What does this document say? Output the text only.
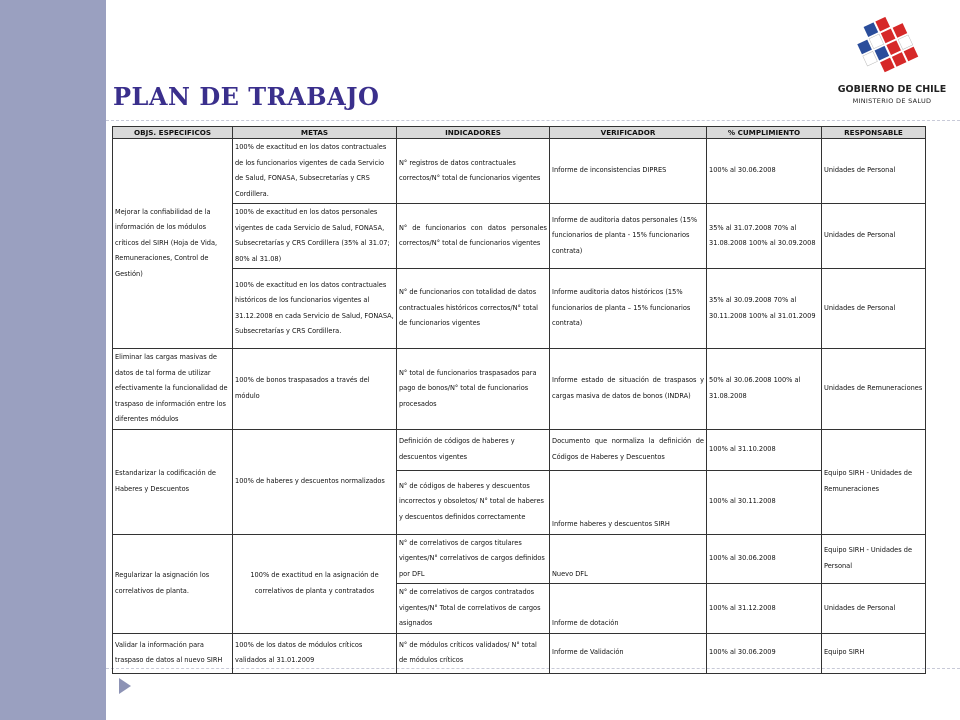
PLAN DE TRABAJO	GOBIERNO DE CHILE
MINISTERIO DE SALUD
OBJS. ESPECIFICOS	METAS	INDICADORES	VERIFICADOR	% CUMPLIMIENTO	RESPONSABLE
Mejorar la confiabilidad de la información de los módulos críticos del SIRH (Hoja de Vida, Remuneraciones, Control de Gestión)	100% de exactitud en los datos contractuales de los funcionarios vigentes de cada Servicio de Salud, FONASA, Subsecretarías y CRS Cordillera.	N° registros de datos contractuales correctos/N° total de funcionarios vigentes	Informe de inconsistencias DIPRES	100% al 30.06.2008	Unidades de Personal
	100% de exactitud en los datos personales vigentes de cada Servicio de Salud, FONASA, Subsecretarías y CRS Cordillera (35% al 31.07; 80% al 31.08)	N° de funcionarios con datos personales correctos/N° total de funcionarios vigentes	Informe de auditoria datos personales (15% funcionarios de planta - 15% funcionarios contrata)	35% al 31.07.2008 70% al 31.08.2008 100% al 30.09.2008	Unidades de Personal
	100% de exactitud en los datos contractuales históricos de los funcionarios vigentes al 31.12.2008 en cada Servicio de Salud, FONASA, Subsecretarías y CRS Cordillera.	N° de funcionarios con totalidad de datos contractuales históricos correctos/N° total de funcionarios vigentes	Informe auditoria datos históricos (15% funcionarios de planta – 15% funcionarios contrata)	35% al 30.09.2008 70% al 30.11.2008 100% al 31.01.2009	Unidades de Personal
Eliminar las cargas masivas de datos de tal forma de utilizar efectivamente la funcionalidad de traspaso de información entre los diferentes módulos	100% de bonos traspasados a través del módulo	N° total de funcionarios traspasados para pago de bonos/N° total de funcionarios procesados	Informe estado de situación de traspasos y cargas masiva de datos de bonos (INDRA)	50% al 30.06.2008 100% al 31.08.2008	Unidades de Remuneraciones
Estandarizar la codificación de Haberes y Descuentos	100% de haberes y descuentos normalizados	Definición de códigos de haberes y descuentos vigentes	Documento que normaliza la definición de Códigos de Haberes y Descuentos	100% al 31.10.2008	Equipo SIRH - Unidades de Remuneraciones
		N° de códigos de haberes y descuentos incorrectos y obsoletos/ N° total de haberes y descuentos definidos correctamente	Informe haberes y descuentos SIRH	100% al 30.11.2008	
Regularizar la asignación los correlativos de planta.	100% de exactitud en la asignación de correlativos de planta y contratados	N° de correlativos de cargos titulares vigentes/N° correlativos de cargos definidos por DFL	Nuevo DFL	100% al 30.06.2008	Equipo SIRH - Unidades de Personal
		N° de correlativos de cargos contratados vigentes/N° Total de correlativos de cargos asignados	Informe de dotación	100% al 31.12.2008	Unidades de Personal
Validar la información para traspaso de datos al nuevo SIRH	100% de los datos de módulos críticos validados al 31.01.2009	N° de módulos críticos validados/ N° total de módulos críticos	Informe de Validación	100% al 30.06.2009	Equipo SIRH
